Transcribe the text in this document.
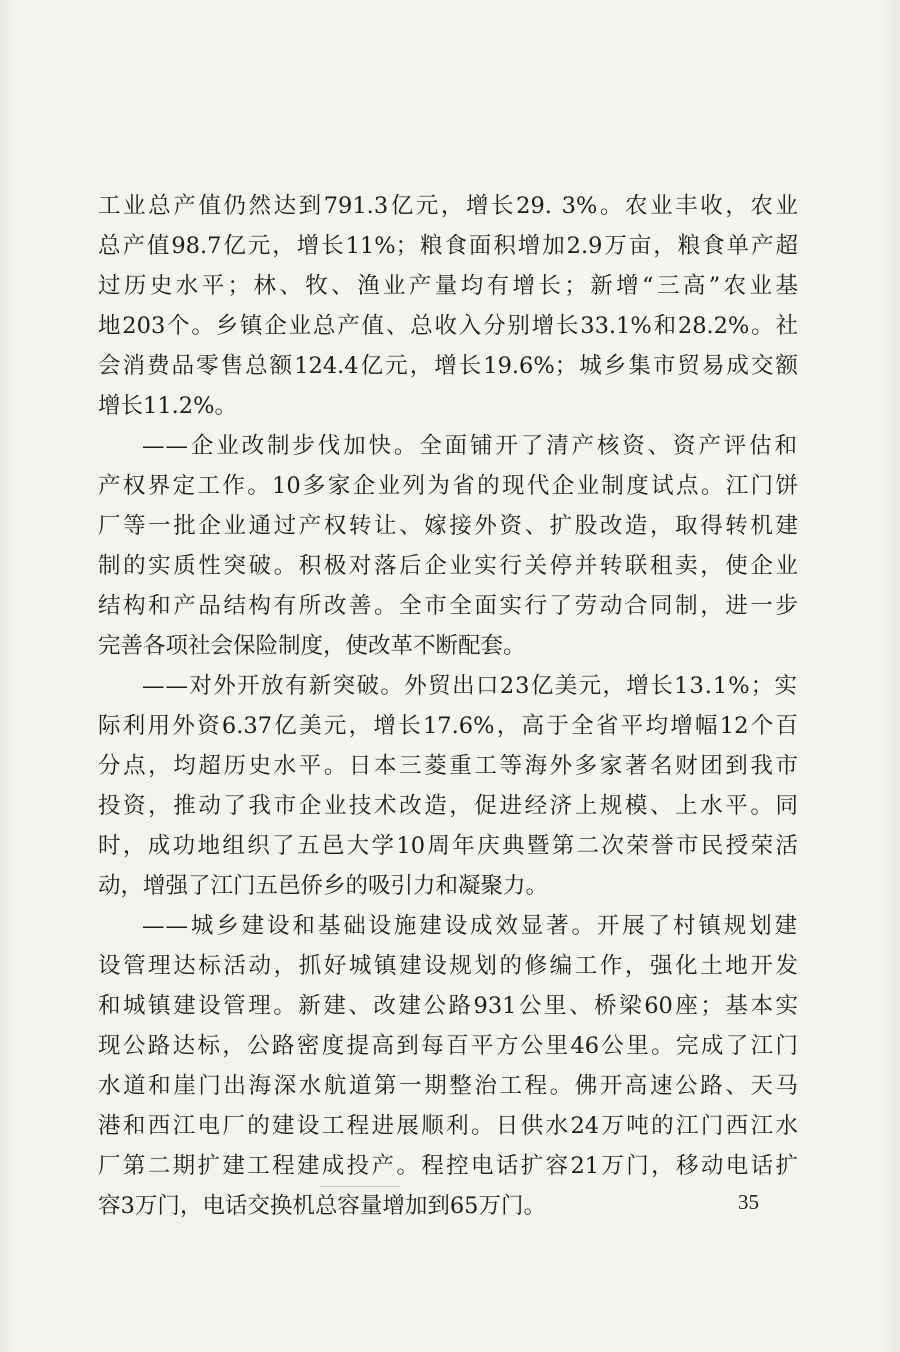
工业总产值仍然达到791.3亿元，增长29. 3%。农业丰收，农业
总产值98.7亿元，增长11%；粮食面积增加2.9万亩，粮食单产超
过历史水平；林、牧、渔业产量均有增长；新增“三高”农业基
地203个。乡镇企业总产值、总收入分别增长33.1%和28.2%。社
会消费品零售总额124.4亿元，增长19.6%；城乡集市贸易成交额
增长11.2%。
——企业改制步伐加快。全面铺开了清产核资、资产评估和
产权界定工作。10多家企业列为省的现代企业制度试点。江门饼
厂等一批企业通过产权转让、嫁接外资、扩股改造，取得转机建
制的实质性突破。积极对落后企业实行关停并转联租卖，使企业
结构和产品结构有所改善。全市全面实行了劳动合同制，进一步
完善各项社会保险制度，使改革不断配套。
——对外开放有新突破。外贸出口23亿美元，增长13.1%；实
际利用外资6.37亿美元，增长17.6%，高于全省平均增幅12个百
分点，均超历史水平。日本三菱重工等海外多家著名财团到我市
投资，推动了我市企业技术改造，促进经济上规模、上水平。同
时，成功地组织了五邑大学10周年庆典暨第二次荣誉市民授荣活
动，增强了江门五邑侨乡的吸引力和凝聚力。
——城乡建设和基础设施建设成效显著。开展了村镇规划建
设管理达标活动，抓好城镇建设规划的修编工作，强化土地开发
和城镇建设管理。新建、改建公路931公里、桥梁60座；基本实
现公路达标，公路密度提高到每百平方公里46公里。完成了江门
水道和崖门出海深水航道第一期整治工程。佛开高速公路、天马
港和西江电厂的建设工程进展顺利。日供水24万吨的江门西江水
厂第二期扩建工程建成投产。程控电话扩容21万门，移动电话扩
容3万门，电话交换机总容量增加到65万门。	35
